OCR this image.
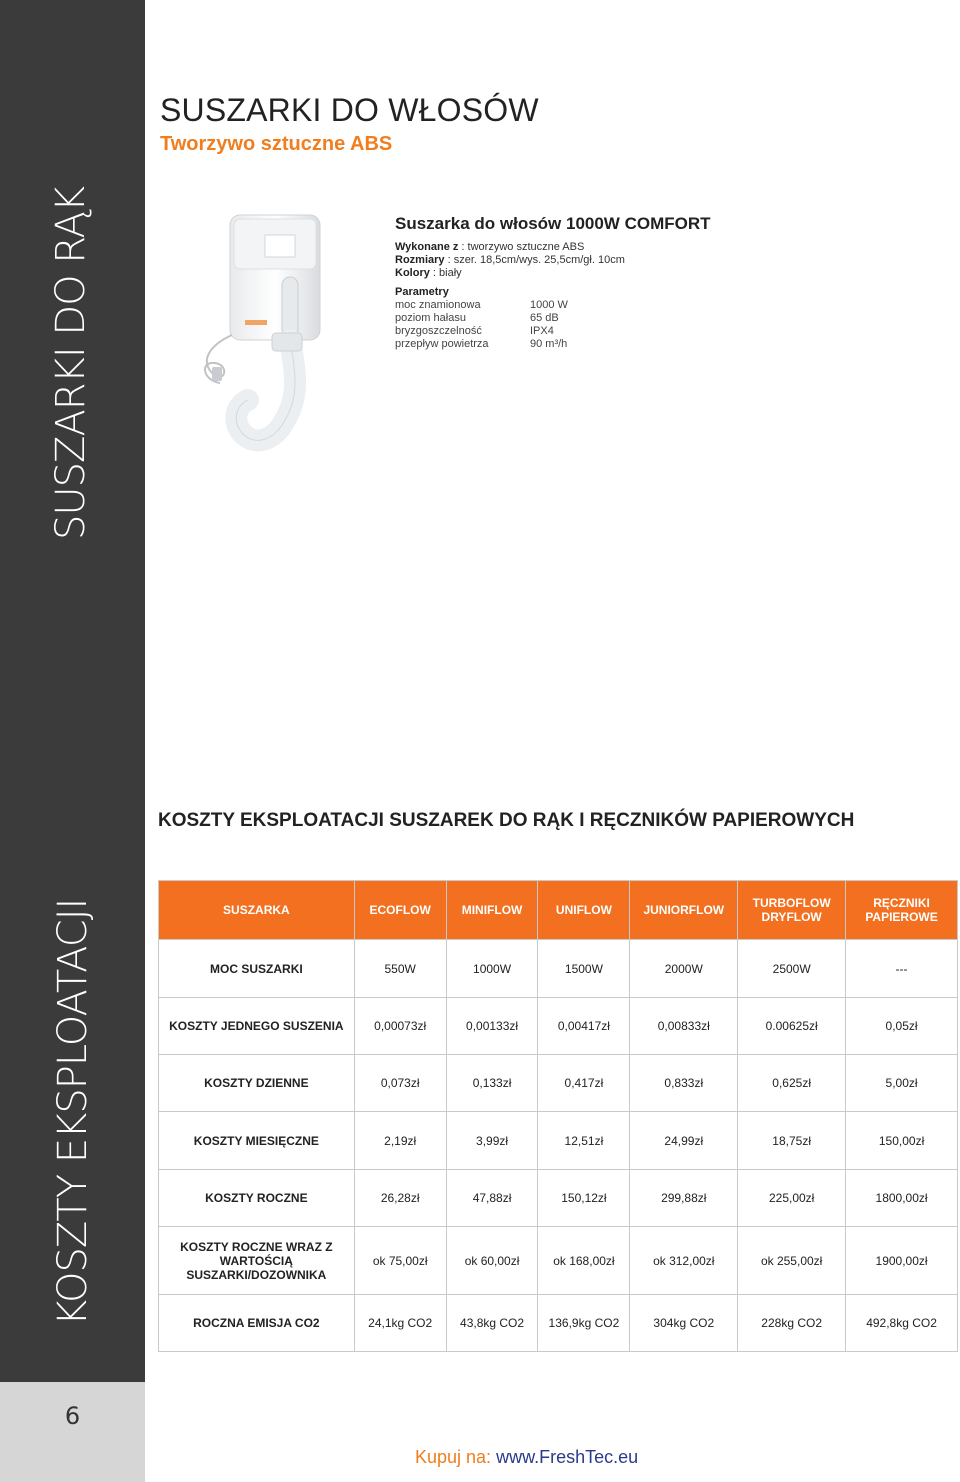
6
SUSZARKI DO RĄK
KOSZTY EKSPLOATACJI
SUSZARKI DO WŁOSÓW
Tworzywo sztuczne ABS
Suszarka do włosów 1000W COMFORT
Wykonane z : tworzywo sztuczne ABS
Rozmiary : szer. 18,5cm/wys. 25,5cm/gł. 10cm
Kolory : biały
Parametry
moc znamionowa	1000 W
poziom hałasu	65 dB
bryzgoszczelność	IPX4
przepływ powietrza	90 m³/h
KOSZTY EKSPLOATACJI SUSZAREK DO RĄK I RĘCZNIKÓW PAPIEROWYCH
SUSZARKA	ECOFLOW	MINIFLOW	UNIFLOW	JUNIORFLOW	TURBOFLOW DRYFLOW	RĘCZNIKI PAPIEROWE
MOC SUSZARKI	550W	1000W	1500W	2000W	2500W	---
KOSZTY JEDNEGO SUSZENIA	0,00073zł	0,00133zł	0,00417zł	0,00833zł	0.00625zł	0,05zł
KOSZTY DZIENNE	0,073zł	0,133zł	0,417zł	0,833zł	0,625zł	5,00zł
KOSZTY MIESIĘCZNE	2,19zł	3,99zł	12,51zł	24,99zł	18,75zł	150,00zł
KOSZTY ROCZNE	26,28zł	47,88zł	150,12zł	299,88zł	225,00zł	1800,00zł
KOSZTY ROCZNE WRAZ Z WARTOŚCIĄ SUSZARKI/DOZOWNIKA	ok 75,00zł	ok 60,00zł	ok 168,00zł	ok 312,00zł	ok 255,00zł	1900,00zł
ROCZNA EMISJA CO2	24,1kg CO2	43,8kg CO2	136,9kg CO2	304kg CO2	228kg CO2	492,8kg CO2
Kupuj na: www.FreshTec.eu
